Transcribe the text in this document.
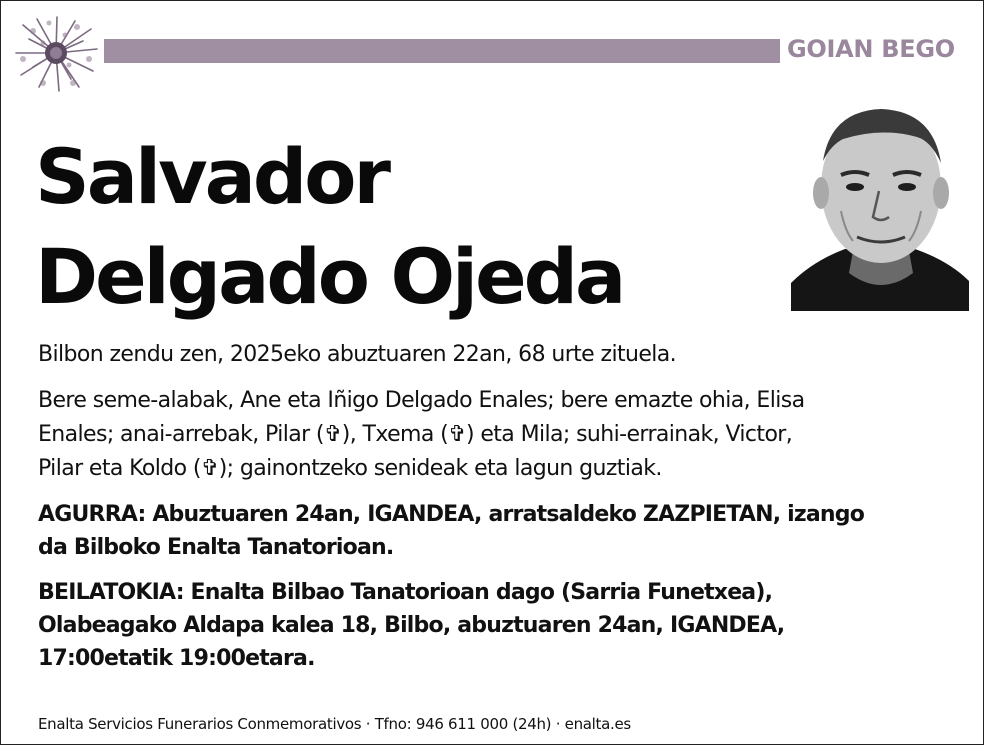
GOIAN BEGO
Salvador
Delgado Ojeda

Bilbon zendu zen, 2025eko abuztuaren 22an, 68 urte zituela.

Bere seme-alabak, Ane eta Iñigo Delgado Enales; bere emazte ohia, Elisa
Enales; anai-arrebak, Pilar (✞), Txema (✞) eta Mila; suhi-errainak, Victor,
Pilar eta Koldo (✞); gainontzeko senideak eta lagun guztiak.

AGURRA: Abuztuaren 24an, IGANDEA, arratsaldeko ZAZPIETAN, izango
da Bilboko Enalta Tanatorioan.

BEILATOKIA: Enalta Bilbao Tanatorioan dago (Sarria Funetxea),
Olabeagako Aldapa kalea 18, Bilbo, abuztuaren 24an, IGANDEA,
17:00etatik 19:00etara.

Enalta Servicios Funerarios Conmemorativos · Tfno: 946 611 000 (24h) · enalta.es
